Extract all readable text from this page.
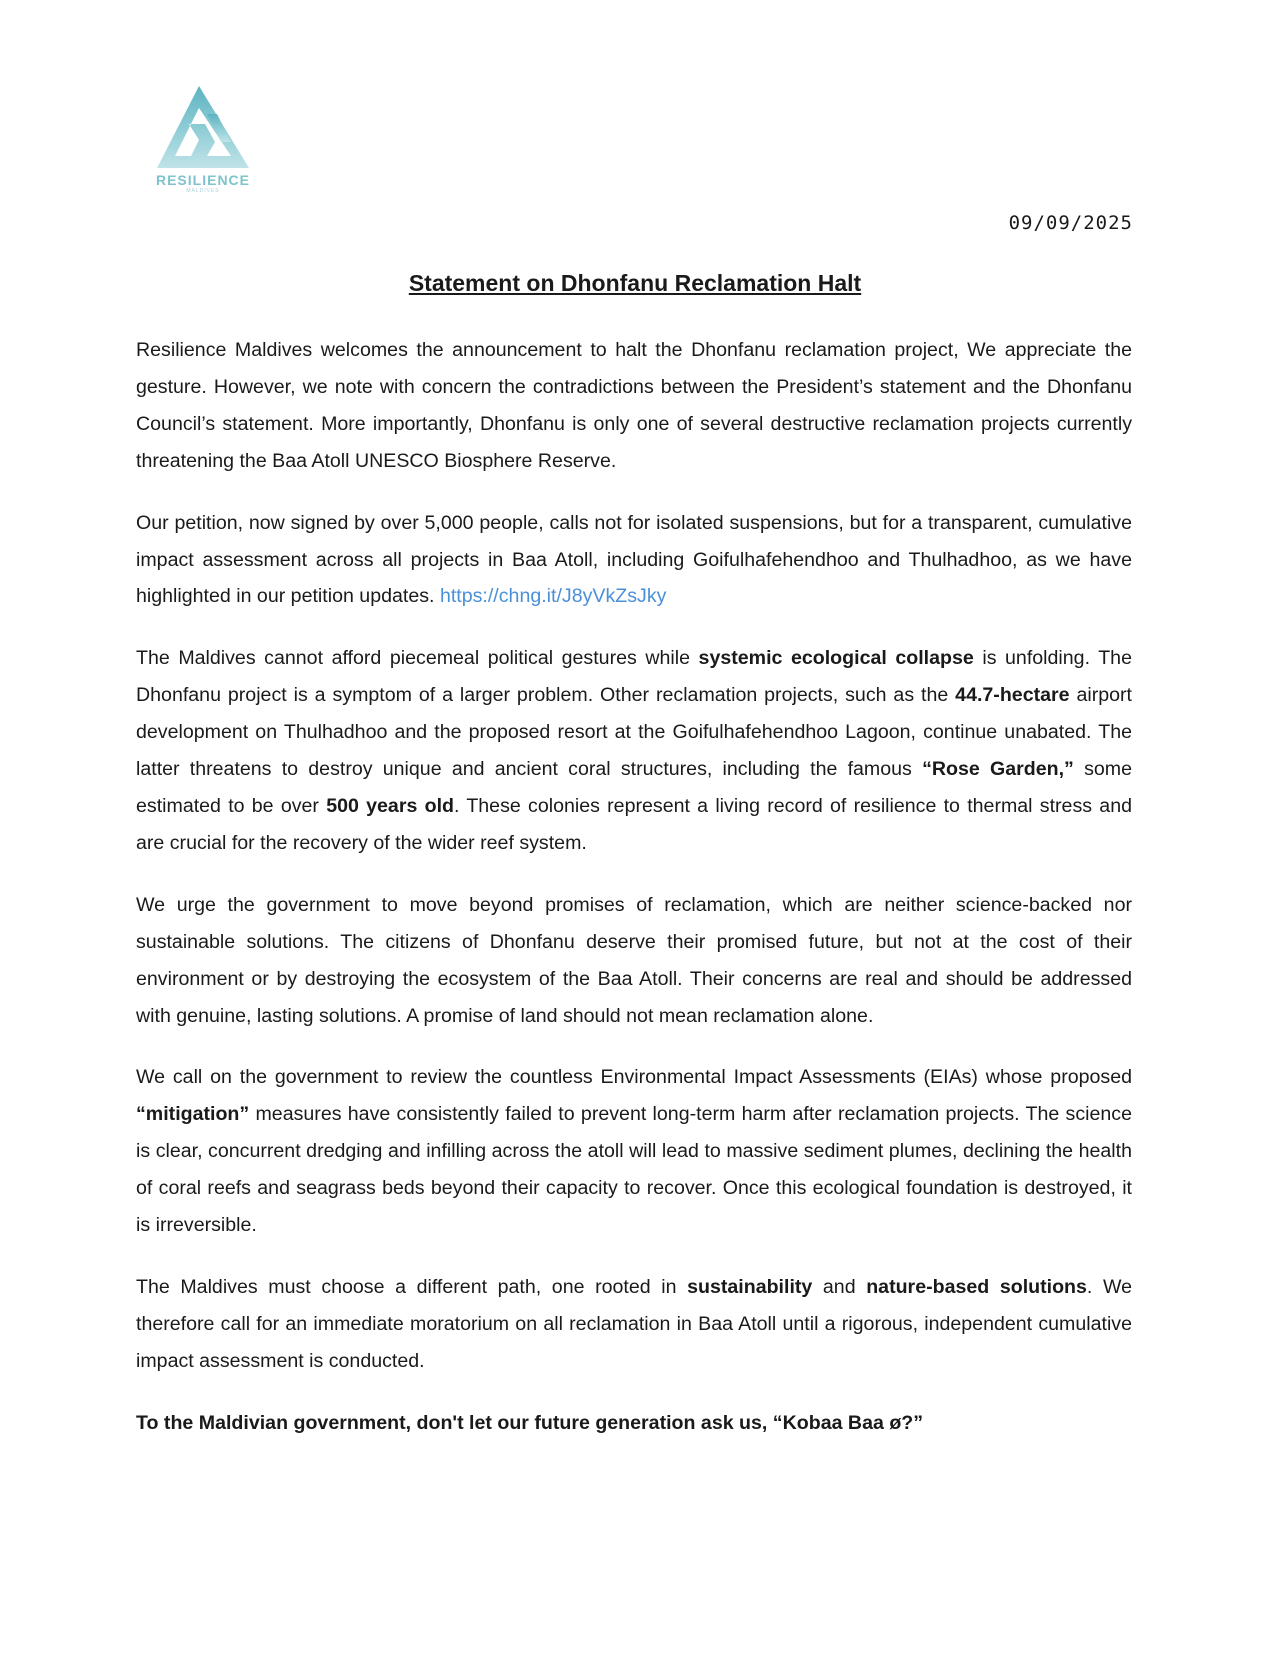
RESILIENCE
MALDIVES
09/09/2025
Statement on Dhonfanu Reclamation Halt

Resilience Maldives welcomes the announcement to halt the Dhonfanu reclamation project, We appreciate the gesture. However, we note with concern the contradictions between the President’s statement and the Dhonfanu Council’s statement. More importantly, Dhonfanu is only one of several destructive reclamation projects currently threatening the Baa Atoll UNESCO Biosphere Reserve.

Our petition, now signed by over 5,000 people, calls not for isolated suspensions, but for a transparent, cumulative impact assessment across all projects in Baa Atoll, including Goifulhafehendhoo and Thulhadhoo, as we have highlighted in our petition updates. https://chng.it/J8yVkZsJky

The Maldives cannot afford piecemeal political gestures while systemic ecological collapse is unfolding. The Dhonfanu project is a symptom of a larger problem. Other reclamation projects, such as the 44.7-hectare airport development on Thulhadhoo and the proposed resort at the Goifulhafehendhoo Lagoon, continue unabated. The latter threatens to destroy unique and ancient coral structures, including the famous “Rose Garden,” some estimated to be over 500 years old. These colonies represent a living record of resilience to thermal stress and are crucial for the recovery of the wider reef system.

We urge the government to move beyond promises of reclamation, which are neither science-backed nor sustainable solutions. The citizens of Dhonfanu deserve their promised future, but not at the cost of their environment or by destroying the ecosystem of the Baa Atoll. Their concerns are real and should be addressed with genuine, lasting solutions. A promise of land should not mean reclamation alone.

We call on the government to review the countless Environmental Impact Assessments (EIAs) whose proposed “mitigation” measures have consistently failed to prevent long-term harm after reclamation projects. The science is clear, concurrent dredging and infilling across the atoll will lead to massive sediment plumes, declining the health of coral reefs and seagrass beds beyond their capacity to recover. Once this ecological foundation is destroyed, it is irreversible.

The Maldives must choose a different path, one rooted in sustainability and nature-based solutions. We therefore call for an immediate moratorium on all reclamation in Baa Atoll until a rigorous, independent cumulative impact assessment is conducted.

To the Maldivian government, don't let our future generation ask us, “Kobaa Baa ø?”
